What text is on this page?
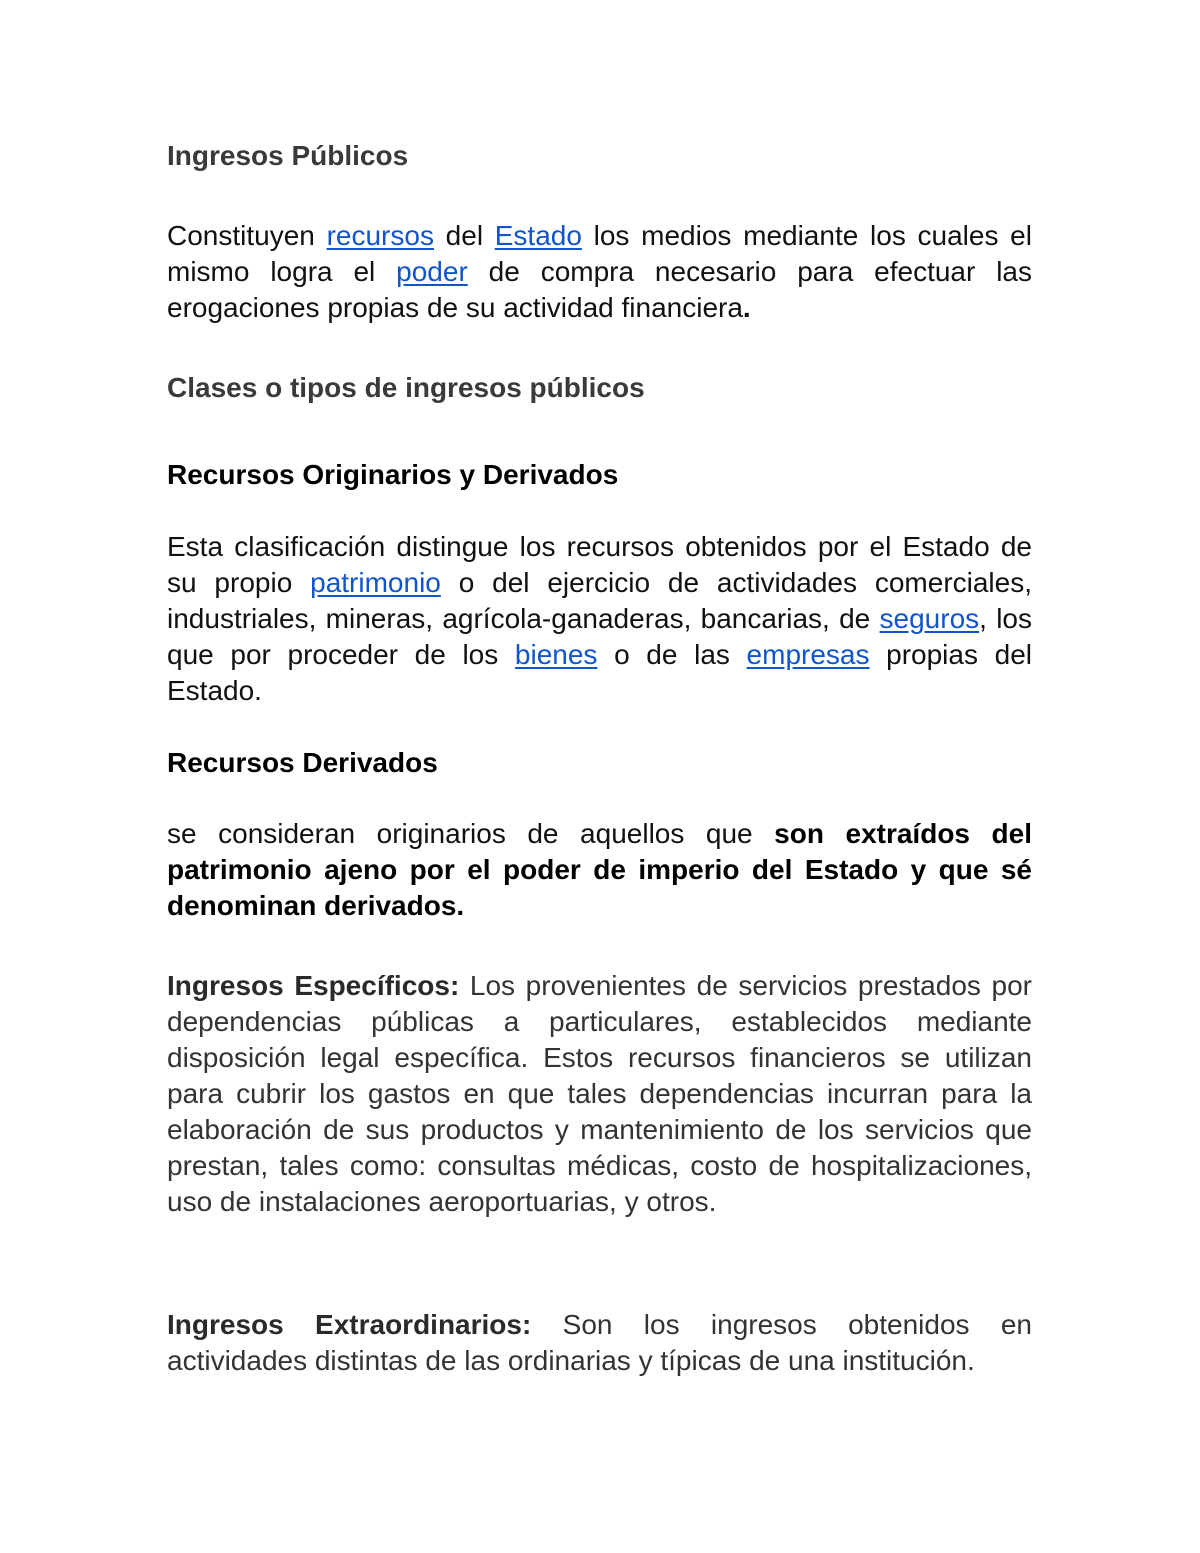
Ingresos Públicos

Constituyen recursos del Estado los medios mediante los cuales el mismo logra el poder de compra necesario para efectuar las erogaciones propias de su actividad financiera.

Clases o tipos de ingresos públicos
Recursos Originarios y Derivados

Esta clasificación distingue los recursos obtenidos por el Estado de su propio patrimonio o del ejercicio de actividades comerciales, industriales, mineras, agrícola-ganaderas, bancarias, de seguros, los que por proceder de los bienes o de las empresas propias del Estado.

Recursos Derivados

se consideran originarios de aquellos que son extraídos del patrimonio ajeno por el poder de imperio del Estado y que sé denominan derivados.

Ingresos Específicos: Los provenientes de servicios prestados por dependencias públicas a particulares, establecidos mediante disposición legal específica. Estos recursos financieros se utilizan para cubrir los gastos en que tales dependencias incurran para la elaboración de sus productos y mantenimiento de los servicios que prestan, tales como: consultas médicas, costo de hospitalizaciones, uso de instalaciones aeroportuarias, y otros.

Ingresos Extraordinarios: Son los ingresos obtenidos en actividades distintas de las ordinarias y típicas de una institución.
